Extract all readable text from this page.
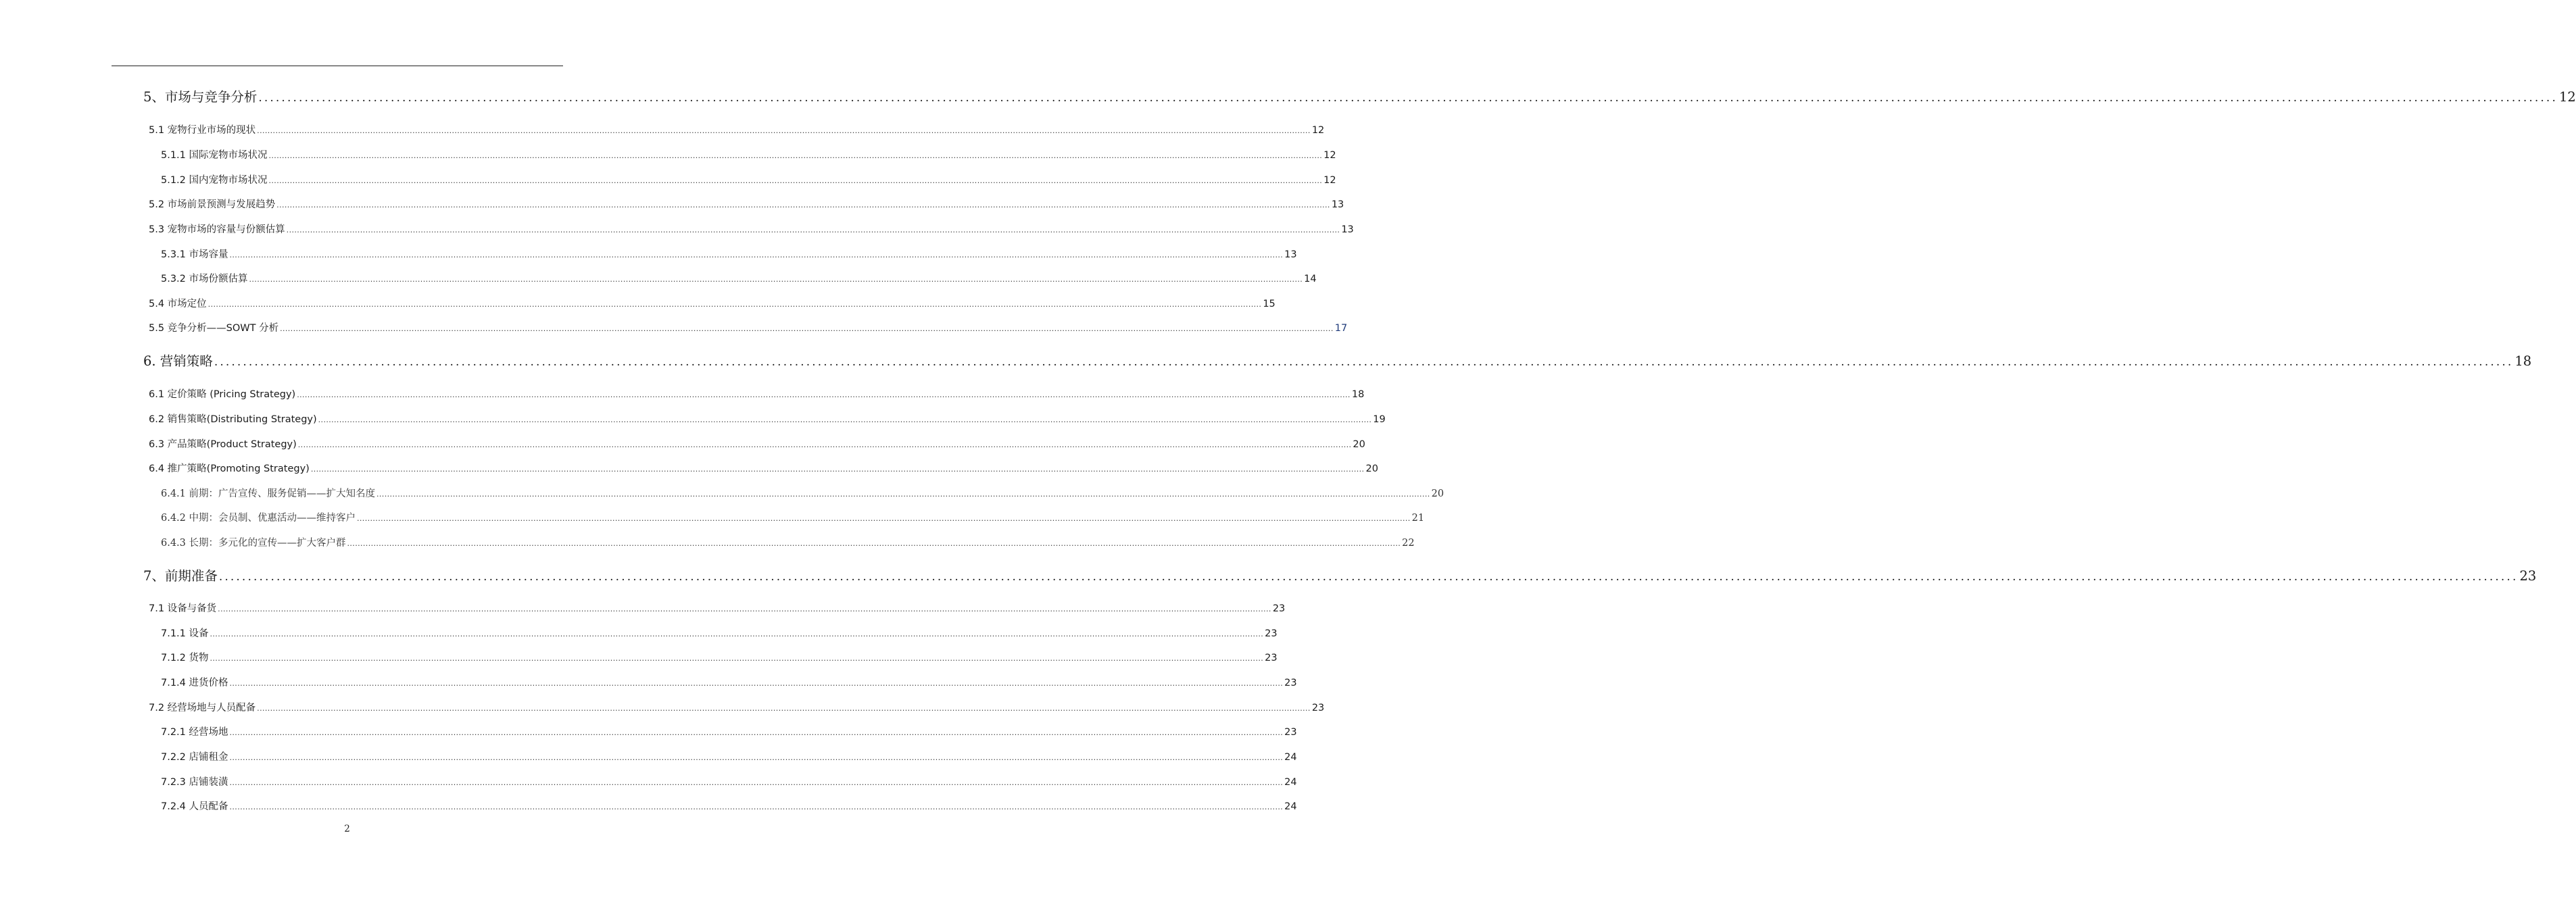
5、市场与竞争分析 ................................................................................................................................................................................................................................................................................................................................................................................................................ 12
5.1 宠物行业市场的现状 ................................................................................................................................................................................................................................................................................................................................................................................................................ 12
5.1.1 国际宠物市场状况 ................................................................................................................................................................................................................................................................................................................................................................................................................ 12
5.1.2 国内宠物市场状况 ................................................................................................................................................................................................................................................................................................................................................................................................................ 12
5.2 市场前景预测与发展趋势 ................................................................................................................................................................................................................................................................................................................................................................................................................ 13
5.3 宠物市场的容量与份额估算 ................................................................................................................................................................................................................................................................................................................................................................................................................ 13
5.3.1 市场容量 ................................................................................................................................................................................................................................................................................................................................................................................................................ 13
5.3.2 市场份额估算 ................................................................................................................................................................................................................................................................................................................................................................................................................ 14
5.4 市场定位 ................................................................................................................................................................................................................................................................................................................................................................................................................ 15
5.5 竞争分析——SOWT 分析 ................................................................................................................................................................................................................................................................................................................................................................................................................ 17
6. 营销策略 ................................................................................................................................................................................................................................................................................................................................................................................................................ 18
6.1 定价策略 (Pricing Strategy) ................................................................................................................................................................................................................................................................................................................................................................................................................ 18
6.2 销售策略(Distributing Strategy) ................................................................................................................................................................................................................................................................................................................................................................................................................ 19
6.3 产品策略(Product Strategy) ................................................................................................................................................................................................................................................................................................................................................................................................................ 20
6.4 推广策略(Promoting Strategy) ................................................................................................................................................................................................................................................................................................................................................................................................................ 20
6.4.1 前期：广告宣传、服务促销——扩大知名度 ................................................................................................................................................................................................................................................................................................................................................................................................................ 20
6.4.2 中期：会员制、优惠活动——维持客户 ................................................................................................................................................................................................................................................................................................................................................................................................................ 21
6.4.3 长期：多元化的宣传——扩大客户群 ................................................................................................................................................................................................................................................................................................................................................................................................................ 22
7、前期准备 ................................................................................................................................................................................................................................................................................................................................................................................................................ 23
7.1 设备与备货 ................................................................................................................................................................................................................................................................................................................................................................................................................ 23
7.1.1 设备 ................................................................................................................................................................................................................................................................................................................................................................................................................ 23
7.1.2 货物 ................................................................................................................................................................................................................................................................................................................................................................................................................ 23
7.1.4 进货价格 ................................................................................................................................................................................................................................................................................................................................................................................................................ 23
7.2 经营场地与人员配备 ................................................................................................................................................................................................................................................................................................................................................................................................................ 23
7.2.1 经营场地 ................................................................................................................................................................................................................................................................................................................................................................................................................ 23
7.2.2 店铺租金 ................................................................................................................................................................................................................................................................................................................................................................................................................ 24
7.2.3 店铺装潢 ................................................................................................................................................................................................................................................................................................................................................................................................................ 24
7.2.4 人员配备 ................................................................................................................................................................................................................................................................................................................................................................................................................ 24
2
